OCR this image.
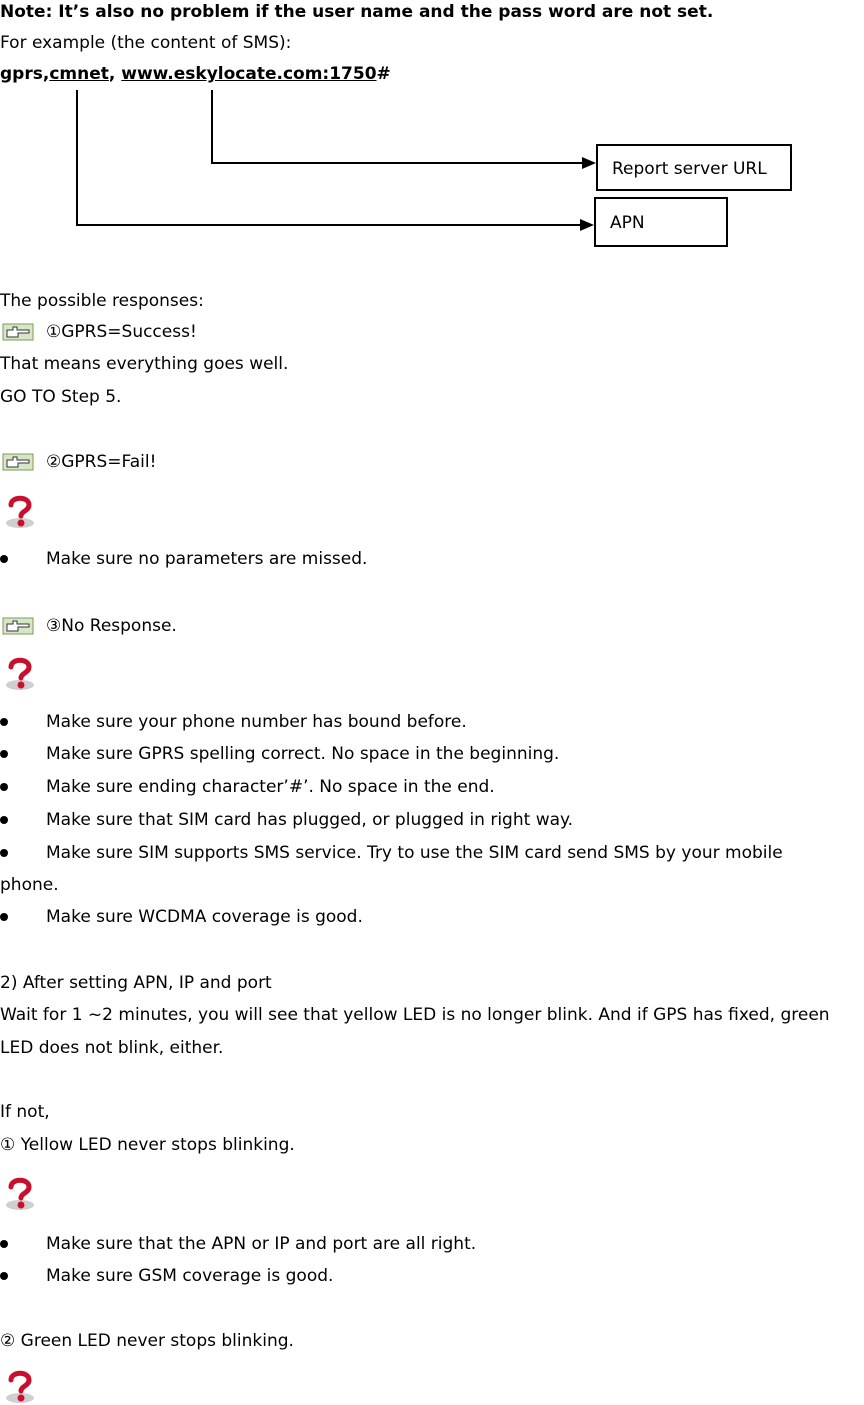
Note: It’s also no problem if the user name and the pass word are not set.
For example (the content of SMS):
gprs,cmnet, www.eskylocate.com:1750#
Report server URL
APN
The possible responses:
①GPRS=Success!
That means everything goes well.
GO TO Step 5.
②GPRS=Fail!
Make sure no parameters are missed.
③No Response.
Make sure your phone number has bound before.
Make sure GPRS spelling correct. No space in the beginning.
Make sure ending character’#’. No space in the end.
Make sure that SIM card has plugged, or plugged in right way.
Make sure SIM supports SMS service. Try to use the SIM card send SMS by your mobile
phone.
Make sure WCDMA coverage is good.
2) After setting APN, IP and port
Wait for 1 ~2 minutes, you will see that yellow LED is no longer blink. And if GPS has fixed, green
LED does not blink, either.
If not,
① Yellow LED never stops blinking.
Make sure that the APN or IP and port are all right.
Make sure GSM coverage is good.
② Green LED never stops blinking.
